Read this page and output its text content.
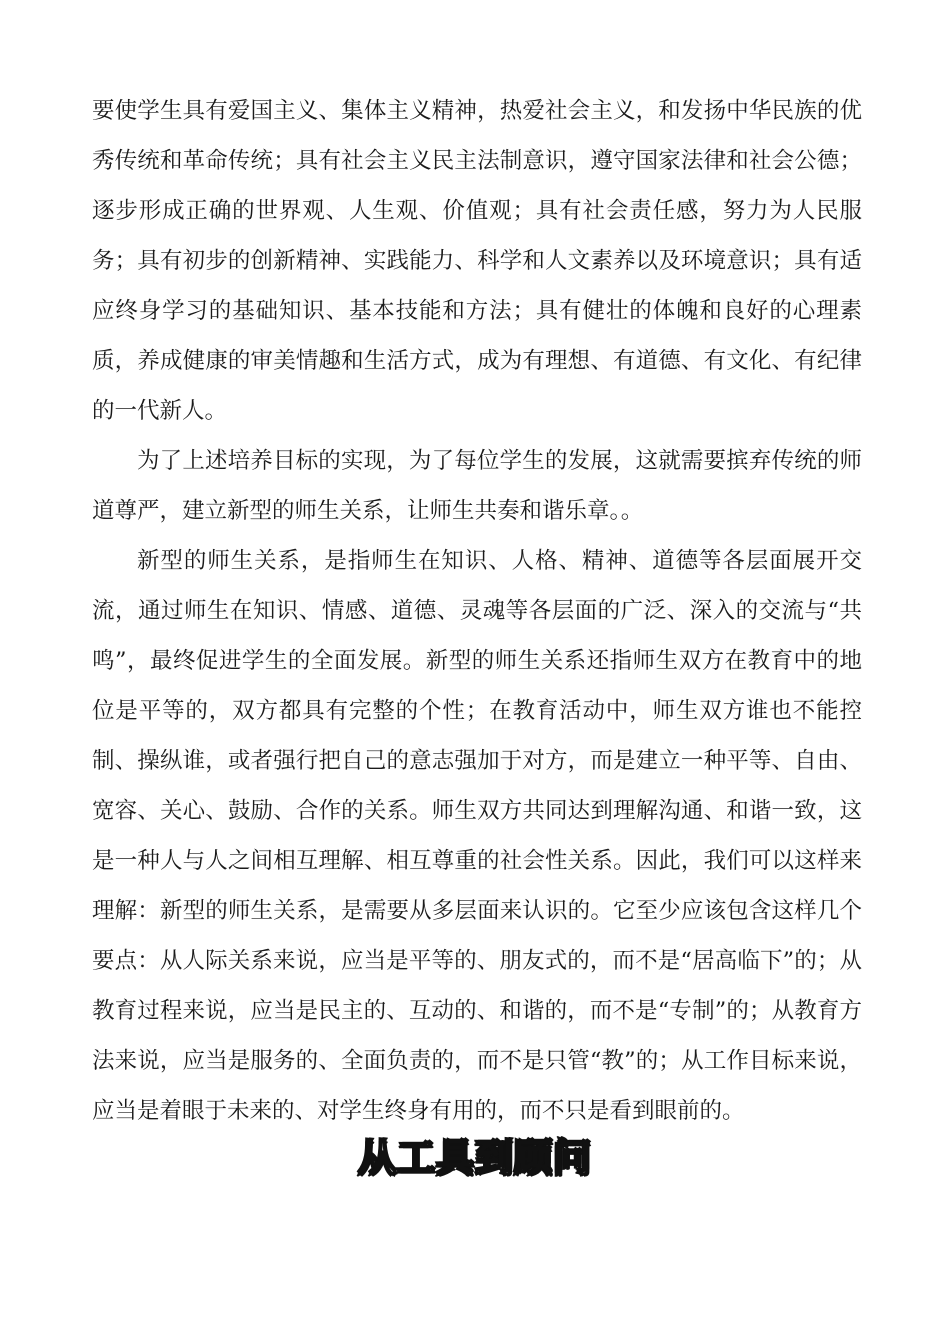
要使学生具有爱国主义、集体主义精神，热爱社会主义，和发扬中华民族的优秀传统和革命传统；具有社会主义民主法制意识，遵守国家法律和社会公德；逐步形成正确的世界观、人生观、价值观；具有社会责任感，努力为人民服务；具有初步的创新精神、实践能力、科学和人文素养以及环境意识；具有适应终身学习的基础知识、基本技能和方法；具有健壮的体魄和良好的心理素质，养成健康的审美情趣和生活方式，成为有理想、有道德、有文化、有纪律的一代新人。

为了上述培养目标的实现，为了每位学生的发展，这就需要摈弃传统的师道尊严，建立新型的师生关系，让师生共奏和谐乐章。。

新型的师生关系，是指师生在知识、人格、精神、道德等各层面展开交流，通过师生在知识、情感、道德、灵魂等各层面的广泛、深入的交流与“共鸣”，最终促进学生的全面发展。新型的师生关系还指师生双方在教育中的地位是平等的，双方都具有完整的个性；在教育活动中，师生双方谁也不能控制、操纵谁，或者强行把自己的意志强加于对方，而是建立一种平等、自由、宽容、关心、鼓励、合作的关系。师生双方共同达到理解沟通、和谐一致，这是一种人与人之间相互理解、相互尊重的社会性关系。因此，我们可以这样来理解：新型的师生关系，是需要从多层面来认识的。它至少应该包含这样几个要点：从人际关系来说，应当是平等的、朋友式的，而不是“居高临下”的；从教育过程来说，应当是民主的、互动的、和谐的，而不是“专制”的；从教育方法来说，应当是服务的、全面负责的，而不是只管“教”的；从工作目标来说，应当是着眼于未来的、对学生终身有用的，而不只是看到眼前的。

从工具到顾问
